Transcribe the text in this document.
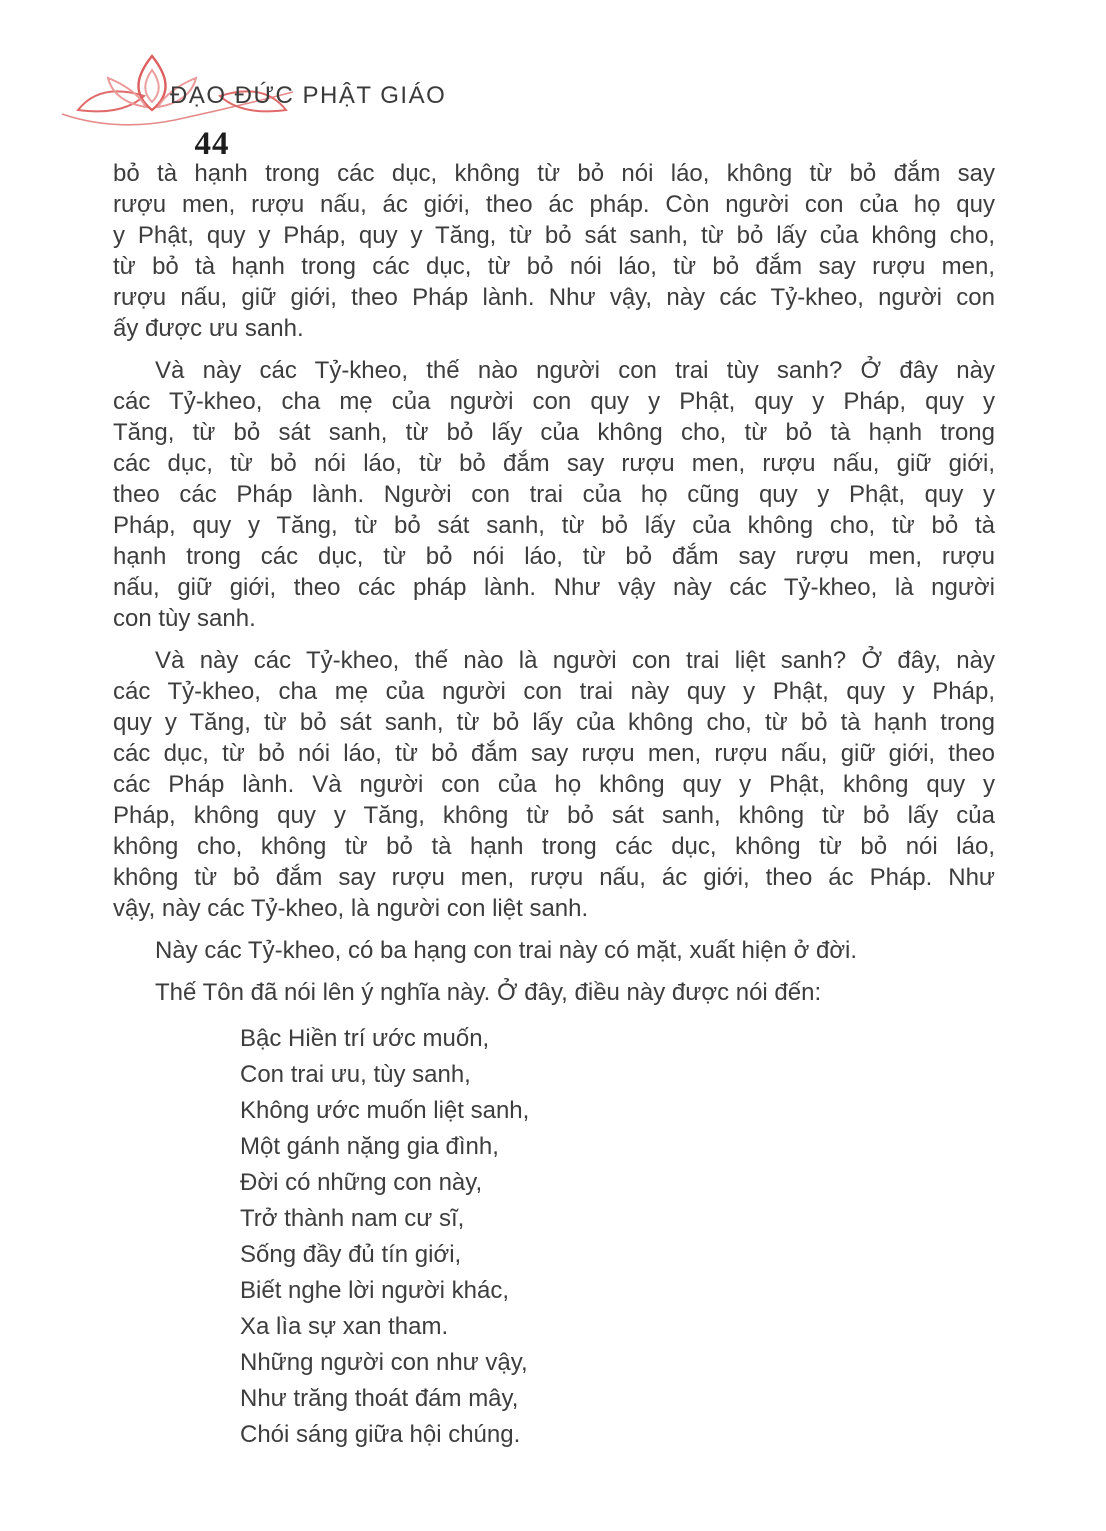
44
ĐẠO ĐỨC PHẬT GIÁO
bỏ tà hạnh trong các dục, không từ bỏ nói láo, không từ bỏ đắm say
rượu men, rượu nấu, ác giới, theo ác pháp. Còn người con của họ quy
y Phật, quy y Pháp, quy y Tăng, từ bỏ sát sanh, từ bỏ lấy của không cho,
từ bỏ tà hạnh trong các dục, từ bỏ nói láo, từ bỏ đắm say rượu men,
rượu nấu, giữ giới, theo Pháp lành. Như vậy, này các Tỷ-kheo, người con
ấy được ưu sanh.
Và này các Tỷ-kheo, thế nào người con trai tùy sanh? Ở đây này
các Tỷ-kheo, cha mẹ của người con quy y Phật, quy y Pháp, quy y
Tăng, từ bỏ sát sanh, từ bỏ lấy của không cho, từ bỏ tà hạnh trong
các dục, từ bỏ nói láo, từ bỏ đắm say rượu men, rượu nấu, giữ giới,
theo các Pháp lành. Người con trai của họ cũng quy y Phật, quy y
Pháp, quy y Tăng, từ bỏ sát sanh, từ bỏ lấy của không cho, từ bỏ tà
hạnh trong các dục, từ bỏ nói láo, từ bỏ đắm say rượu men, rượu
nấu, giữ giới, theo các pháp lành. Như vậy này các Tỷ-kheo, là người
con tùy sanh.
Và này các Tỷ-kheo, thế nào là người con trai liệt sanh? Ở đây, này
các Tỷ-kheo, cha mẹ của người con trai này quy y Phật, quy y Pháp,
quy y Tăng, từ bỏ sát sanh, từ bỏ lấy của không cho, từ bỏ tà hạnh trong
các dục, từ bỏ nói láo, từ bỏ đắm say rượu men, rượu nấu, giữ giới, theo
các Pháp lành. Và người con của họ không quy y Phật, không quy y
Pháp, không quy y Tăng, không từ bỏ sát sanh, không từ bỏ lấy của
không cho, không từ bỏ tà hạnh trong các dục, không từ bỏ nói láo,
không từ bỏ đắm say rượu men, rượu nấu, ác giới, theo ác Pháp. Như
vậy, này các Tỷ-kheo, là người con liệt sanh.
Này các Tỷ-kheo, có ba hạng con trai này có mặt, xuất hiện ở đời.
Thế Tôn đã nói lên ý nghĩa này. Ở đây, điều này được nói đến:
Bậc Hiền trí ước muốn,
Con trai ưu, tùy sanh,
Không ước muốn liệt sanh,
Một gánh nặng gia đình,
Đời có những con này,
Trở thành nam cư sĩ,
Sống đầy đủ tín giới,
Biết nghe lời người khác,
Xa lìa sự xan tham.
Những người con như vậy,
Như trăng thoát đám mây,
Chói sáng giữa hội chúng.
